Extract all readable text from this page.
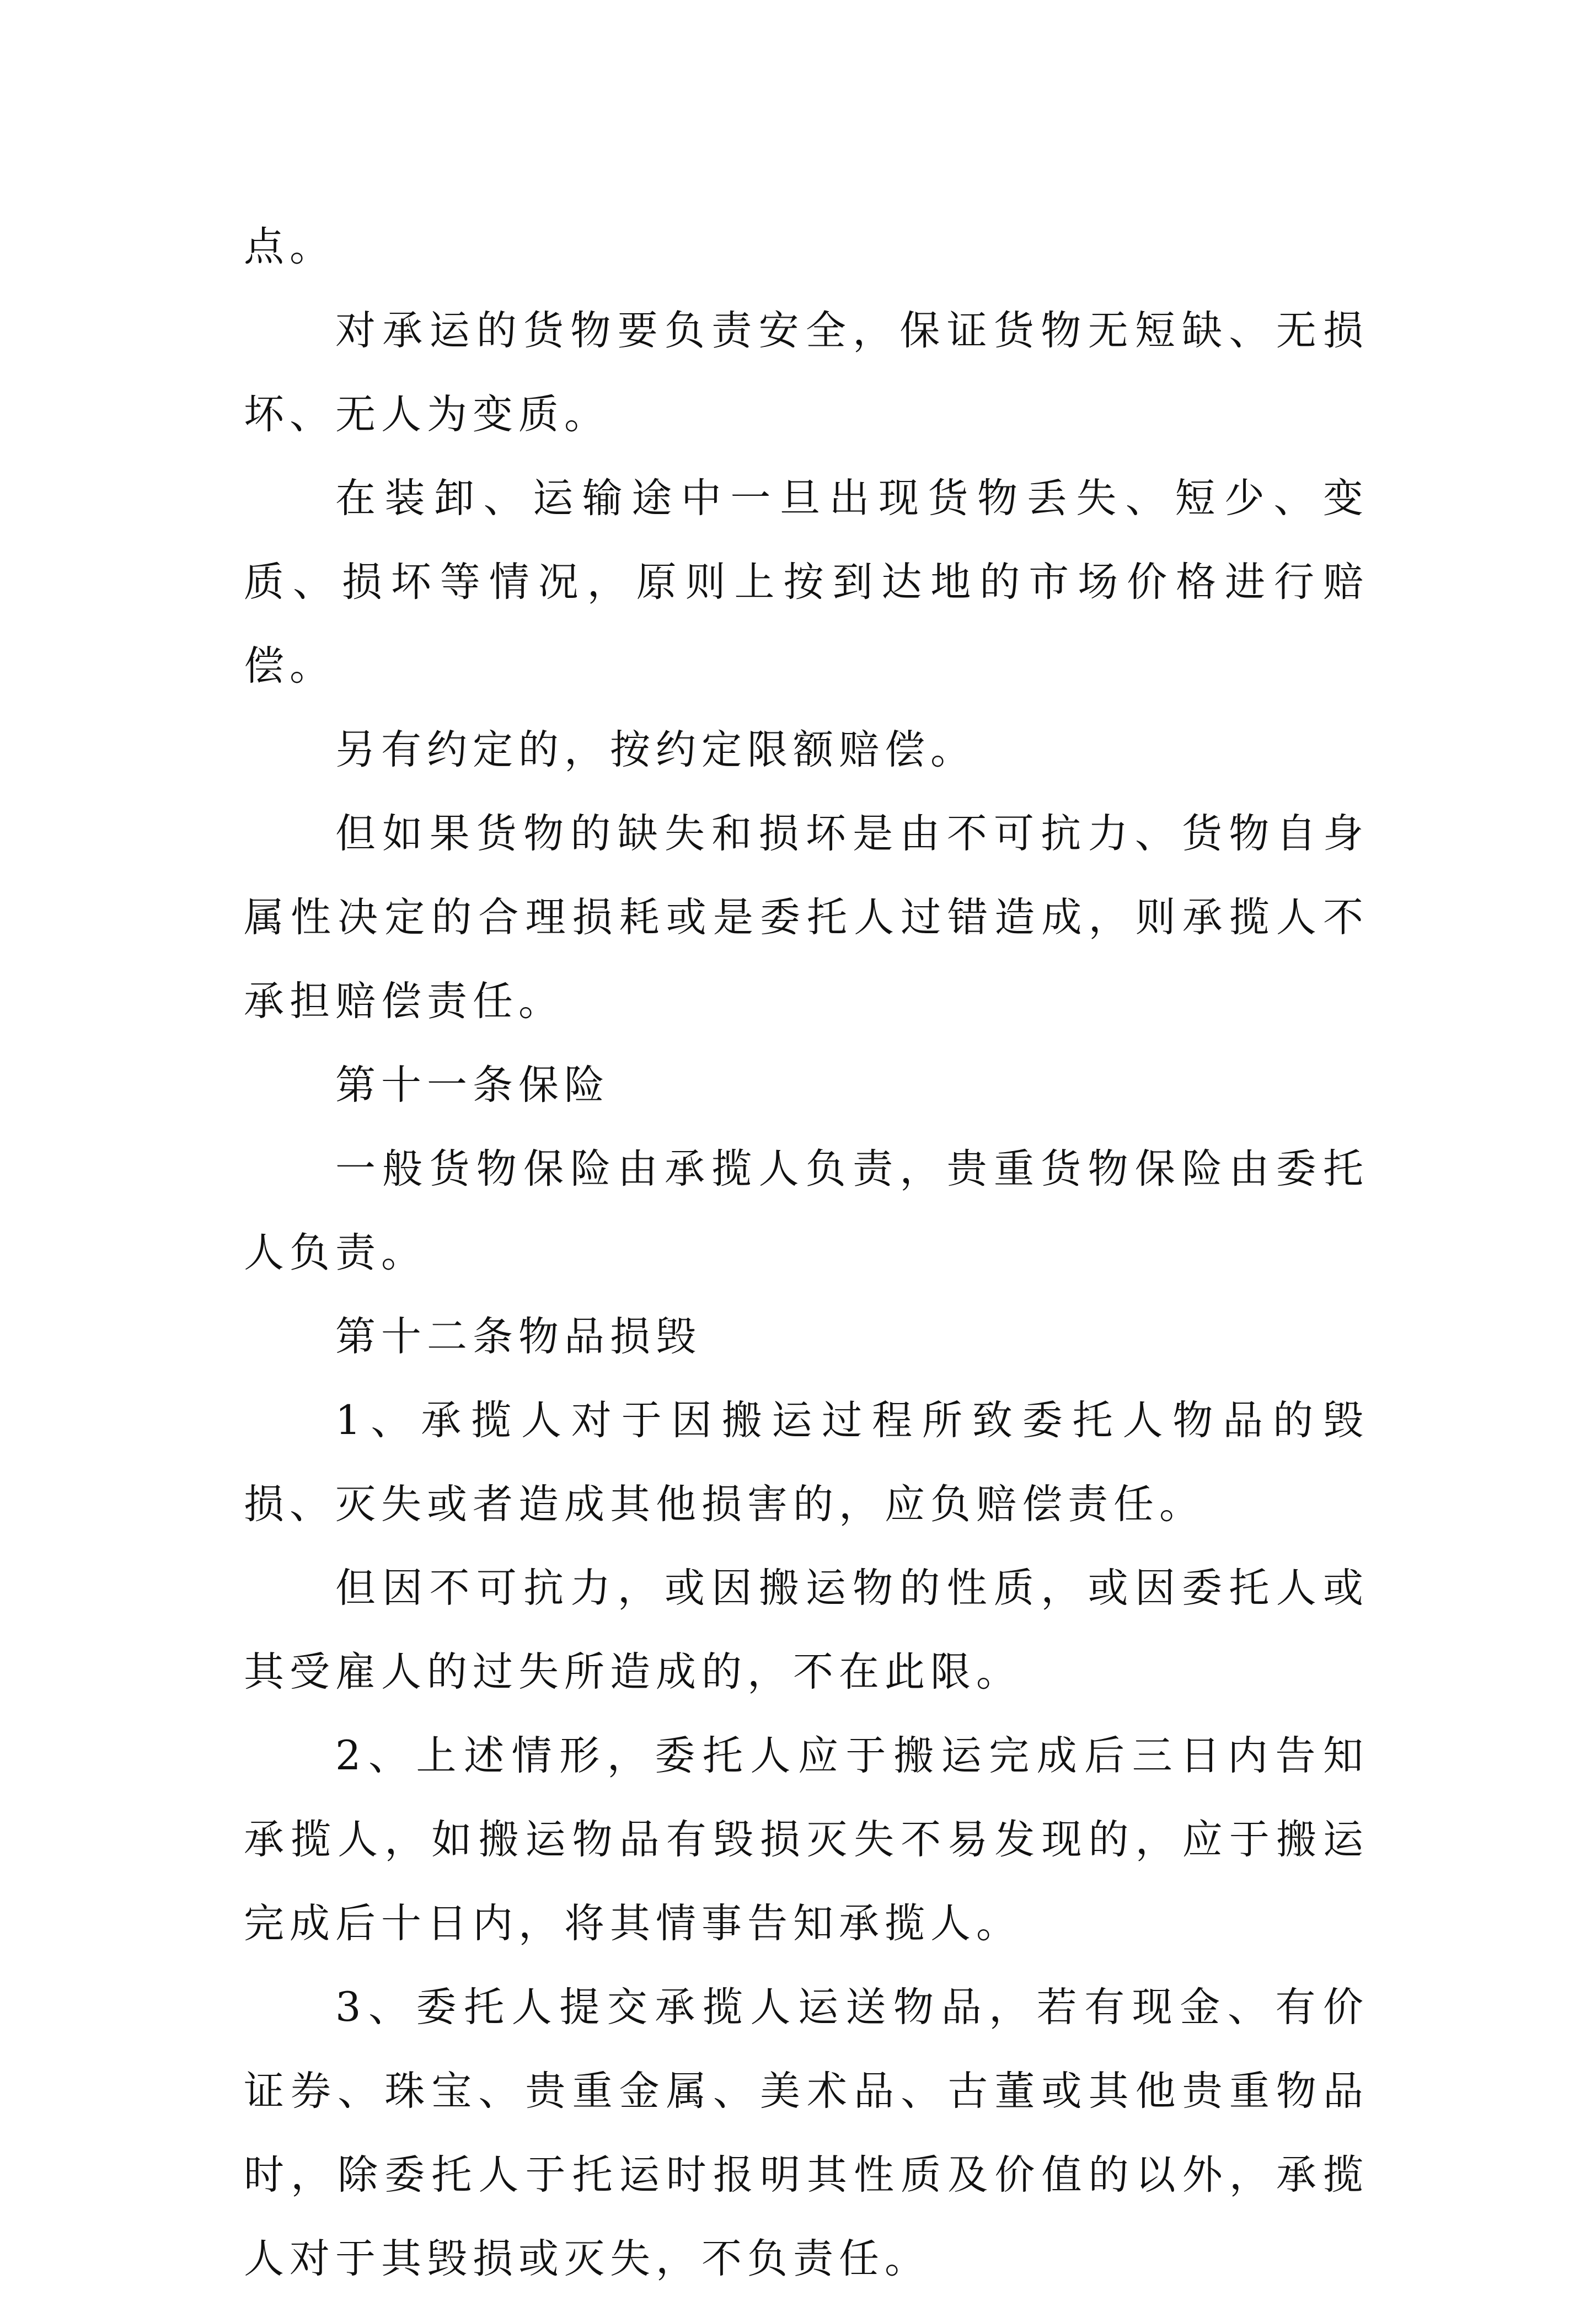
点。

对承运的货物要负责安全，保证货物无短缺、无损坏、无人为变质。

在装卸、运输途中一旦出现货物丢失、短少、变质、损坏等情况，原则上按到达地的市场价格进行赔偿。

另有约定的，按约定限额赔偿。

但如果货物的缺失和损坏是由不可抗力、货物自身属性决定的合理损耗或是委托人过错造成，则承揽人不承担赔偿责任。

第十一条保险

一般货物保险由承揽人负责，贵重货物保险由委托人负责。

第十二条物品损毁

1、承揽人对于因搬运过程所致委托人物品的毁损、灭失或者造成其他损害的，应负赔偿责任。

但因不可抗力，或因搬运物的性质，或因委托人或其受雇人的过失所造成的，不在此限。

2、上述情形，委托人应于搬运完成后三日内告知承揽人，如搬运物品有毁损灭失不易发现的，应于搬运完成后十日内，将其情事告知承揽人。

3、委托人提交承揽人运送物品，若有现金、有价证券、珠宝、贵重金属、美术品、古董或其他贵重物品时，除委托人于托运时报明其性质及价值的以外，承揽人对于其毁损或灭失，不负责任。
